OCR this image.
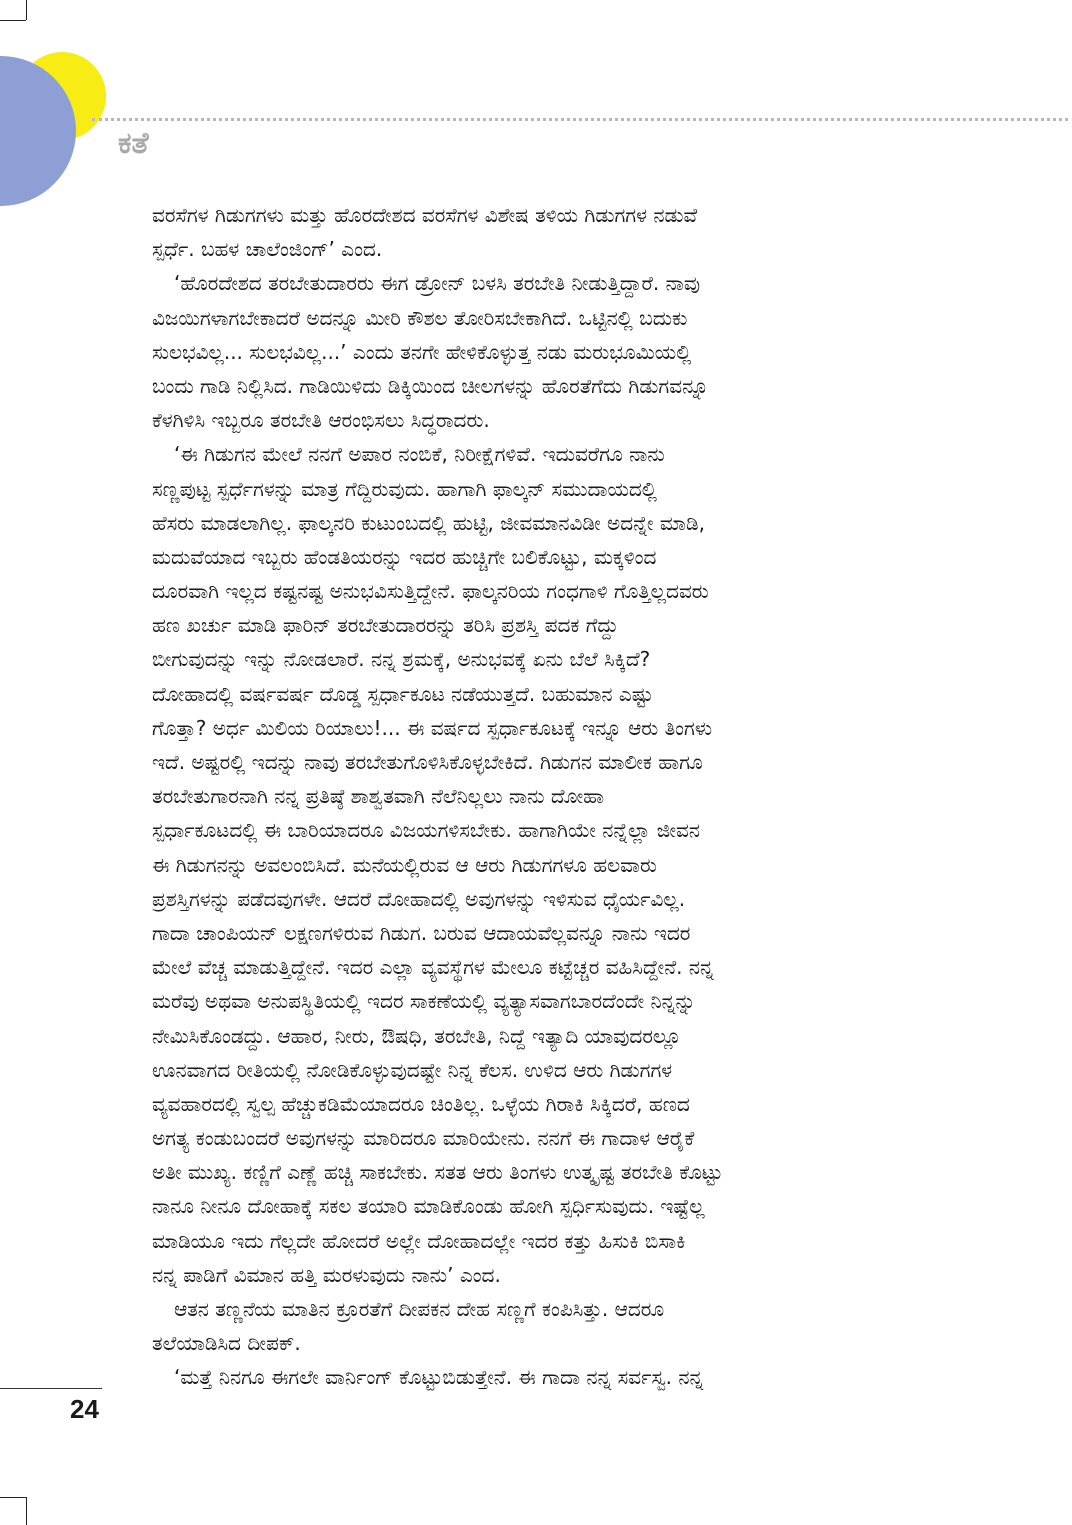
ಕತೆ
ವರಸೆಗಳ ಗಿಡುಗಗಳು ಮತ್ತು ಹೊರದೇಶದ ವರಸೆಗಳ ವಿಶೇಷ ತಳಿಯ ಗಿಡುಗಗಳ ನಡುವೆ
ಸ್ಪರ್ಧೆ. ಬಹಳ ಚಾಲೆಂಜಿಂಗ್’ ಎಂದ.
‘ಹೊರದೇಶದ ತರಬೇತುದಾರರು ಈಗ ಡ್ರೋನ್ ಬಳಸಿ ತರಬೇತಿ ನೀಡುತ್ತಿದ್ದಾರೆ. ನಾವು
ವಿಜಯಿಗಳಾಗಬೇಕಾದರೆ ಅದನ್ನೂ ಮೀರಿ ಕೌಶಲ ತೋರಿಸಬೇಕಾಗಿದೆ. ಒಟ್ಟಿನಲ್ಲಿ ಬದುಕು
ಸುಲಭವಿಲ್ಲ... ಸುಲಭವಿಲ್ಲ...’ ಎಂದು ತನಗೇ ಹೇಳಿಕೊಳ್ಳುತ್ತ ನಡು ಮರುಭೂಮಿಯಲ್ಲಿ
ಬಂದು ಗಾಡಿ ನಿಲ್ಲಿಸಿದ. ಗಾಡಿಯಿಳಿದು ಡಿಕ್ಕಿಯಿಂದ ಚೀಲಗಳನ್ನು ಹೊರತೆಗೆದು ಗಿಡುಗವನ್ನೂ
ಕೆಳಗಿಳಿಸಿ ಇಬ್ಬರೂ ತರಬೇತಿ ಆರಂಭಿಸಲು ಸಿದ್ಧರಾದರು.
‘ಈ ಗಿಡುಗನ ಮೇಲೆ ನನಗೆ ಅಪಾರ ನಂಬಿಕೆ, ನಿರೀಕ್ಷೆಗಳಿವೆ. ಇದುವರೆಗೂ ನಾನು
ಸಣ್ಣಪುಟ್ಟ ಸ್ಪರ್ಧೆಗಳನ್ನು ಮಾತ್ರ ಗೆದ್ದಿರುವುದು. ಹಾಗಾಗಿ ಫಾಲ್ಕನ್ ಸಮುದಾಯದಲ್ಲಿ
ಹೆಸರು ಮಾಡಲಾಗಿಲ್ಲ. ಫಾಲ್ಕನರಿ ಕುಟುಂಬದಲ್ಲಿ ಹುಟ್ಟಿ, ಜೀವಮಾನವಿಡೀ ಅದನ್ನೇ ಮಾಡಿ,
ಮದುವೆಯಾದ ಇಬ್ಬರು ಹೆಂಡತಿಯರನ್ನು ಇದರ ಹುಚ್ಚಿಗೇ ಬಲಿಕೊಟ್ಟು, ಮಕ್ಕಳಿಂದ
ದೂರವಾಗಿ ಇಲ್ಲದ ಕಷ್ಟನಷ್ಟ ಅನುಭವಿಸುತ್ತಿದ್ದೇನೆ. ಫಾಲ್ಕನರಿಯ ಗಂಧಗಾಳಿ ಗೊತ್ತಿಲ್ಲದವರು
ಹಣ ಖರ್ಚು ಮಾಡಿ ಫಾರಿನ್ ತರಬೇತುದಾರರನ್ನು ತರಿಸಿ ಪ್ರಶಸ್ತಿ ಪದಕ ಗೆದ್ದು
ಬೀಗುವುದನ್ನು ಇನ್ನು ನೋಡಲಾರೆ. ನನ್ನ ಶ್ರಮಕ್ಕೆ, ಅನುಭವಕ್ಕೆ ಏನು ಬೆಲೆ ಸಿಕ್ಕಿದೆ?
ದೋಹಾದಲ್ಲಿ ವರ್ಷವರ್ಷ ದೊಡ್ಡ ಸ್ಪರ್ಧಾಕೂಟ ನಡೆಯುತ್ತದೆ. ಬಹುಮಾನ ಎಷ್ಟು
ಗೊತ್ತಾ? ಅರ್ಧ ಮಿಲಿಯ ರಿಯಾಲು!... ಈ ವರ್ಷದ ಸ್ಪರ್ಧಾಕೂಟಕ್ಕೆ ಇನ್ನೂ ಆರು ತಿಂಗಳು
ಇದೆ. ಅಷ್ಟರಲ್ಲಿ ಇದನ್ನು ನಾವು ತರಬೇತುಗೊಳಿಸಿಕೊಳ್ಳಬೇಕಿದೆ. ಗಿಡುಗನ ಮಾಲೀಕ ಹಾಗೂ
ತರಬೇತುಗಾರನಾಗಿ ನನ್ನ ಪ್ರತಿಷ್ಠೆ ಶಾಶ್ವತವಾಗಿ ನೆಲೆನಿಲ್ಲಲು ನಾನು ದೋಹಾ
ಸ್ಪರ್ಧಾಕೂಟದಲ್ಲಿ ಈ ಬಾರಿಯಾದರೂ ವಿಜಯಗಳಿಸಬೇಕು. ಹಾಗಾಗಿಯೇ ನನ್ನೆಲ್ಲಾ ಜೀವನ
ಈ ಗಿಡುಗನನ್ನು ಅವಲಂಬಿಸಿದೆ. ಮನೆಯಲ್ಲಿರುವ ಆ ಆರು ಗಿಡುಗಗಳೂ ಹಲವಾರು
ಪ್ರಶಸ್ತಿಗಳನ್ನು ಪಡೆದವುಗಳೇ. ಆದರೆ ದೋಹಾದಲ್ಲಿ ಅವುಗಳನ್ನು ಇಳಿಸುವ ಧೈರ್ಯವಿಲ್ಲ.
ಗಾದಾ ಚಾಂಪಿಯನ್ ಲಕ್ಷಣಗಳಿರುವ ಗಿಡುಗ. ಬರುವ ಆದಾಯವೆಲ್ಲವನ್ನೂ ನಾನು ಇದರ
ಮೇಲೆ ವೆಚ್ಚ ಮಾಡುತ್ತಿದ್ದೇನೆ. ಇದರ ಎಲ್ಲಾ ವ್ಯವಸ್ಥೆಗಳ ಮೇಲೂ ಕಟ್ಟೆಚ್ಚರ ವಹಿಸಿದ್ದೇನೆ. ನನ್ನ
ಮರೆವು ಅಥವಾ ಅನುಪಸ್ಥಿತಿಯಲ್ಲಿ ಇದರ ಸಾಕಣೆಯಲ್ಲಿ ವ್ಯತ್ಯಾಸವಾಗಬಾರದೆಂದೇ ನಿನ್ನನ್ನು
ನೇಮಿಸಿಕೊಂಡದ್ದು. ಆಹಾರ, ನೀರು, ಔಷಧಿ, ತರಬೇತಿ, ನಿದ್ದೆ ಇತ್ಯಾದಿ ಯಾವುದರಲ್ಲೂ
ಊನವಾಗದ ರೀತಿಯಲ್ಲಿ ನೋಡಿಕೊಳ್ಳುವುದಷ್ಟೇ ನಿನ್ನ ಕೆಲಸ. ಉಳಿದ ಆರು ಗಿಡುಗಗಳ
ವ್ಯವಹಾರದಲ್ಲಿ ಸ್ವಲ್ಪ ಹೆಚ್ಚುಕಡಿಮೆಯಾದರೂ ಚಿಂತಿಲ್ಲ. ಒಳ್ಳೆಯ ಗಿರಾಕಿ ಸಿಕ್ಕಿದರೆ, ಹಣದ
ಅಗತ್ಯ ಕಂಡುಬಂದರೆ ಅವುಗಳನ್ನು ಮಾರಿದರೂ ಮಾರಿಯೇನು. ನನಗೆ ಈ ಗಾದಾಳ ಆರೈಕೆ
ಅತೀ ಮುಖ್ಯ. ಕಣ್ಣಿಗೆ ಎಣ್ಣೆ ಹಚ್ಚಿ ಸಾಕಬೇಕು. ಸತತ ಆರು ತಿಂಗಳು ಉತ್ಕೃಷ್ಟ ತರಬೇತಿ ಕೊಟ್ಟು
ನಾನೂ ನೀನೂ ದೋಹಾಕ್ಕೆ ಸಕಲ ತಯಾರಿ ಮಾಡಿಕೊಂಡು ಹೋಗಿ ಸ್ಪರ್ಧಿಸುವುದು. ಇಷ್ಟೆಲ್ಲ
ಮಾಡಿಯೂ ಇದು ಗೆಲ್ಲದೇ ಹೋದರೆ ಅಲ್ಲೇ ದೋಹಾದಲ್ಲೇ ಇದರ ಕತ್ತು ಹಿಸುಕಿ ಬಿಸಾಕಿ
ನನ್ನ ಪಾಡಿಗೆ ವಿಮಾನ ಹತ್ತಿ ಮರಳುವುದು ನಾನು’ ಎಂದ.
ಆತನ ತಣ್ಣನೆಯ ಮಾತಿನ ಕ್ರೂರತೆಗೆ ದೀಪಕನ ದೇಹ ಸಣ್ಣಗೆ ಕಂಪಿಸಿತ್ತು. ಆದರೂ
ತಲೆಯಾಡಿಸಿದ ದೀಪಕ್.
‘ಮತ್ತೆ ನಿನಗೂ ಈಗಲೇ ವಾರ್ನಿಂಗ್ ಕೊಟ್ಟುಬಿಡುತ್ತೇನೆ. ಈ ಗಾದಾ ನನ್ನ ಸರ್ವಸ್ವ. ನನ್ನ
24
